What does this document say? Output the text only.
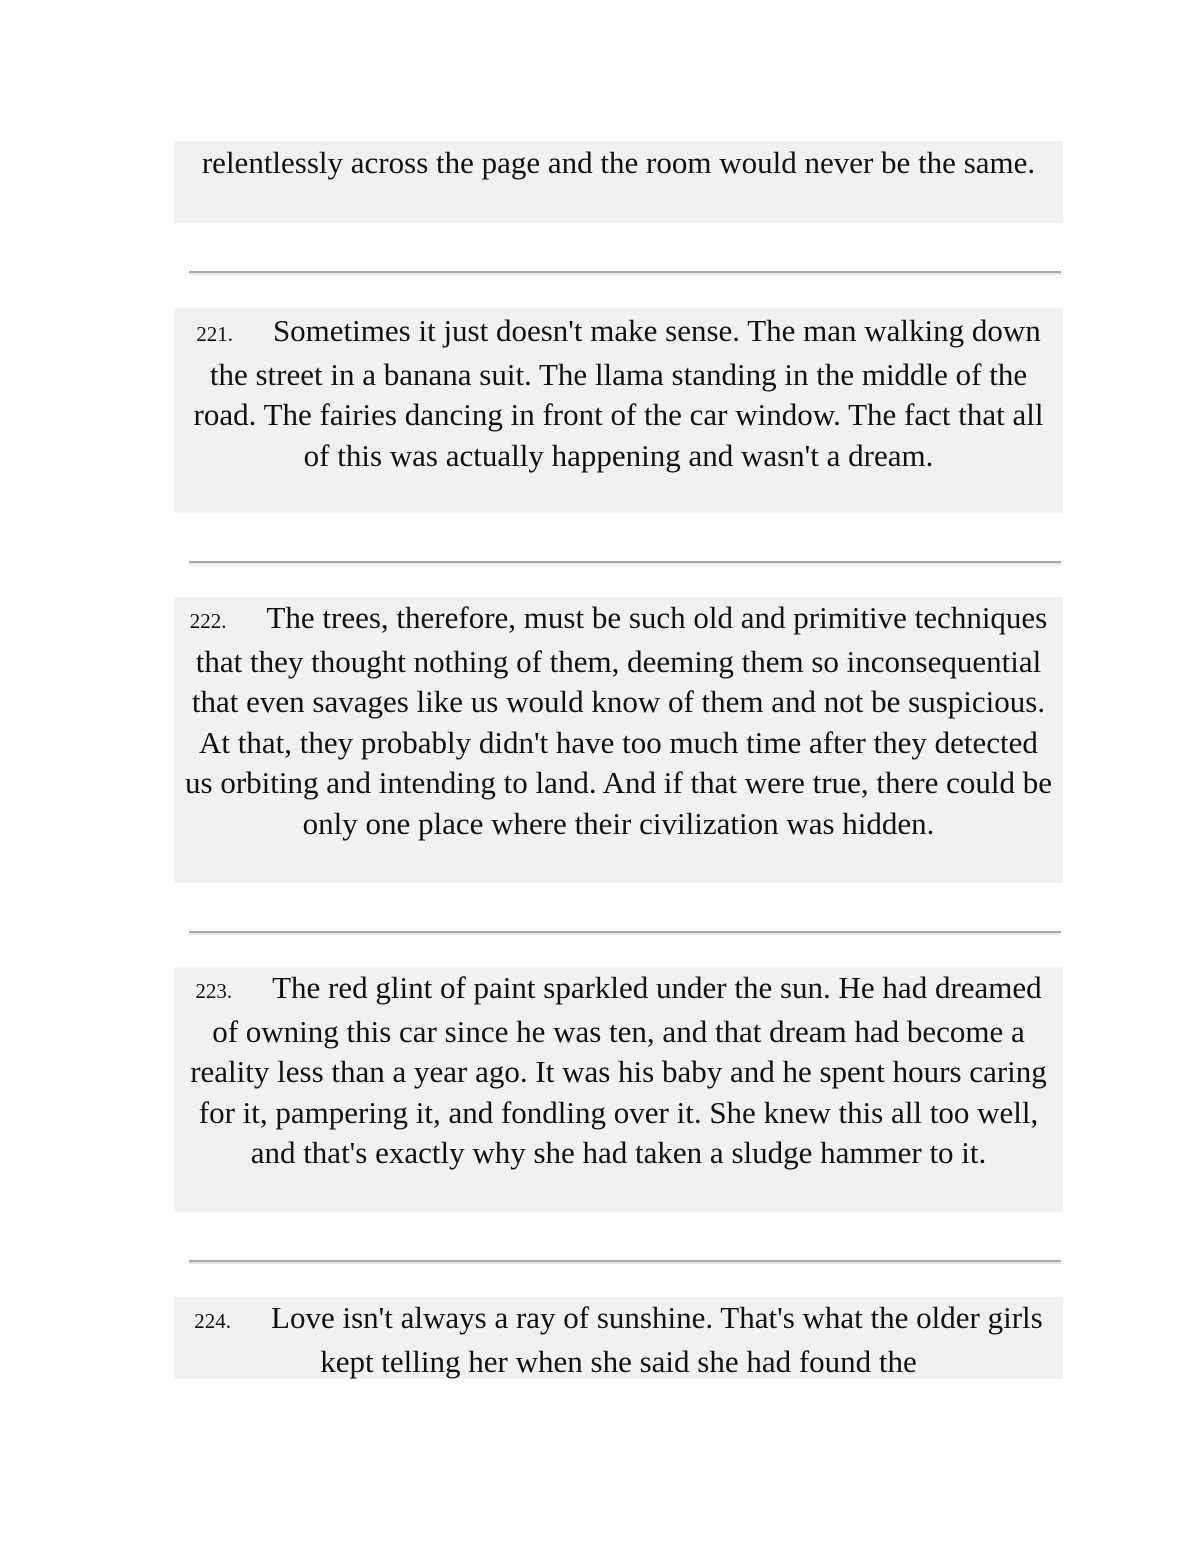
relentlessly across the page and the room would never be the same.

221. Sometimes it just doesn't make sense. The man walking down the street in a banana suit. The llama standing in the middle of the road. The fairies dancing in front of the car window. The fact that all of this was actually happening and wasn't a dream.

222. The trees, therefore, must be such old and primitive techniques that they thought nothing of them, deeming them so inconsequential that even savages like us would know of them and not be suspicious. At that, they probably didn't have too much time after they detected us orbiting and intending to land. And if that were true, there could be only one place where their civilization was hidden.

223. The red glint of paint sparkled under the sun. He had dreamed of owning this car since he was ten, and that dream had become a reality less than a year ago. It was his baby and he spent hours caring for it, pampering it, and fondling over it. She knew this all too well, and that's exactly why she had taken a sludge hammer to it.

224. Love isn't always a ray of sunshine. That's what the older girls kept telling her when she said she had found the
